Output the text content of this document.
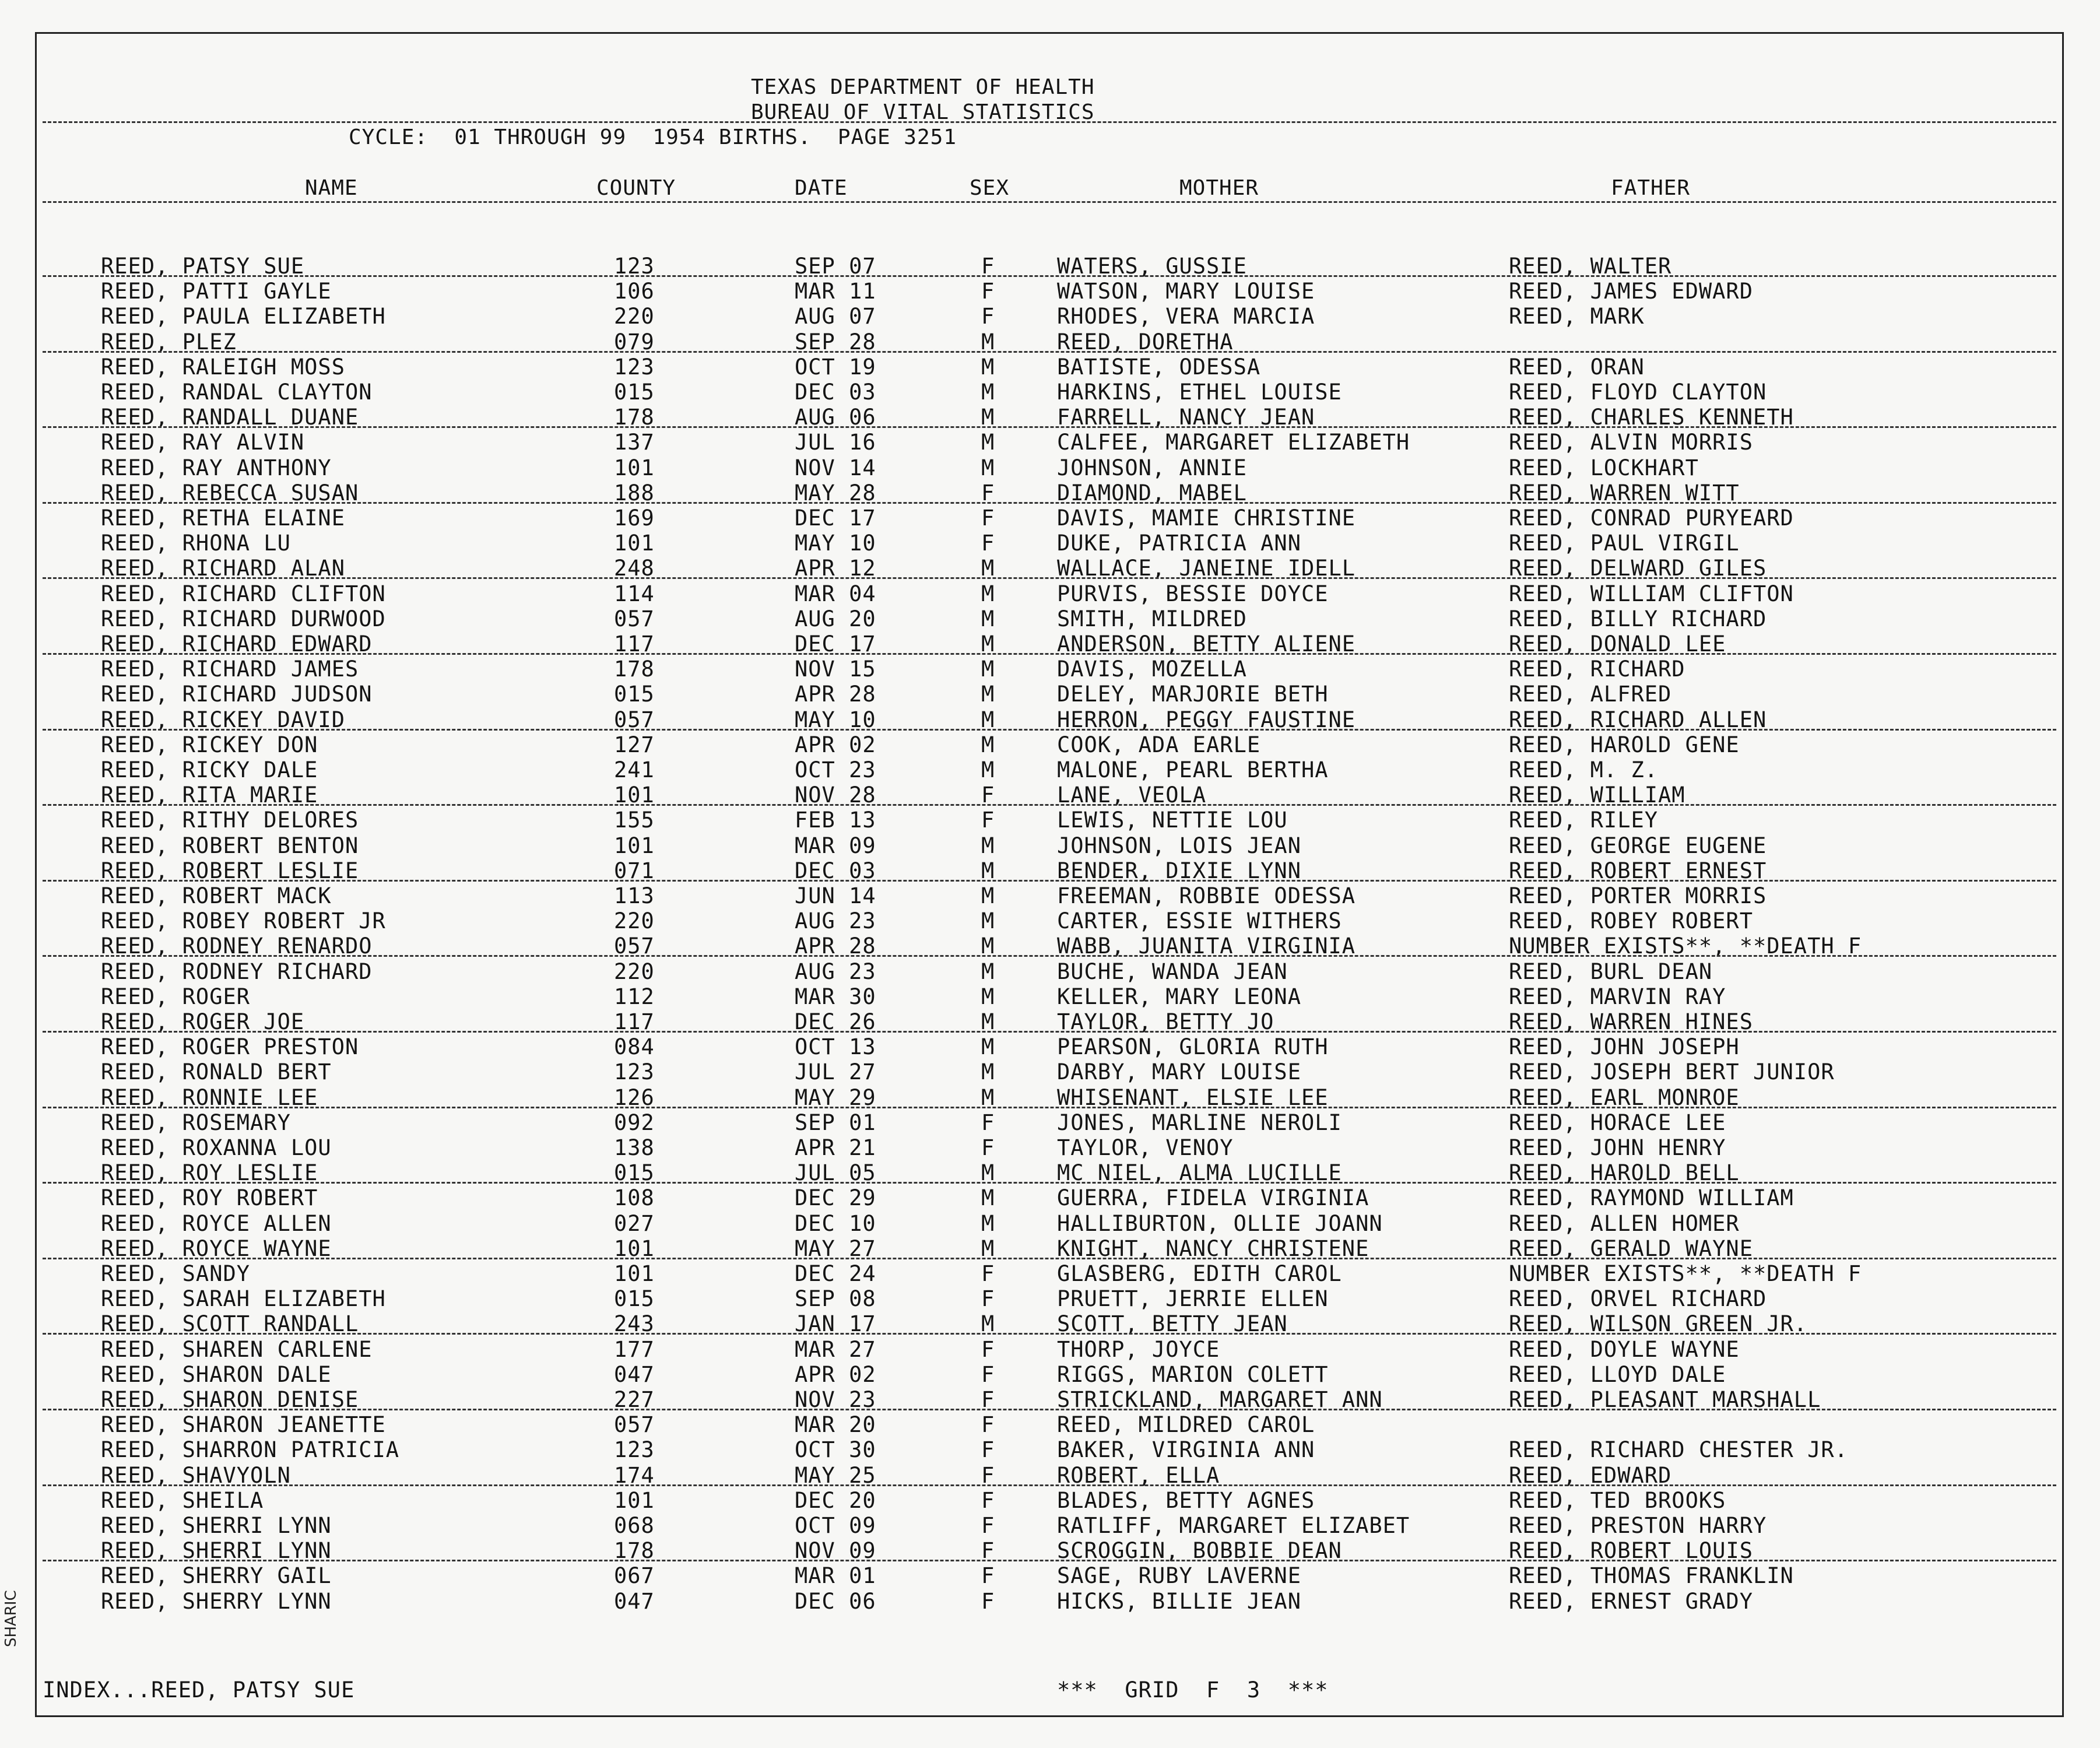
TEXAS DEPARTMENT OF HEALTH
BUREAU OF VITAL STATISTICS
CYCLE:  01 THROUGH 99  1954 BIRTHS.  PAGE 3251
NAME	COUNTY	DATE	SEX	MOTHER	FATHER
REED, PATSY SUE	123	SEP 07	F	WATERS, GUSSIE	REED, WALTER
REED, PATTI GAYLE	106	MAR 11	F	WATSON, MARY LOUISE	REED, JAMES EDWARD
REED, PAULA ELIZABETH	220	AUG 07	F	RHODES, VERA MARCIA	REED, MARK
REED, PLEZ	079	SEP 28	M	REED, DORETHA
REED, RALEIGH MOSS	123	OCT 19	M	BATISTE, ODESSA	REED, ORAN
REED, RANDAL CLAYTON	015	DEC 03	M	HARKINS, ETHEL LOUISE	REED, FLOYD CLAYTON
REED, RANDALL DUANE	178	AUG 06	M	FARRELL, NANCY JEAN	REED, CHARLES KENNETH
REED, RAY ALVIN	137	JUL 16	M	CALFEE, MARGARET ELIZABETH	REED, ALVIN MORRIS
REED, RAY ANTHONY	101	NOV 14	M	JOHNSON, ANNIE	REED, LOCKHART
REED, REBECCA SUSAN	188	MAY 28	F	DIAMOND, MABEL	REED, WARREN WITT
REED, RETHA ELAINE	169	DEC 17	F	DAVIS, MAMIE CHRISTINE	REED, CONRAD PURYEARD
REED, RHONA LU	101	MAY 10	F	DUKE, PATRICIA ANN	REED, PAUL VIRGIL
REED, RICHARD ALAN	248	APR 12	M	WALLACE, JANEINE IDELL	REED, DELWARD GILES
REED, RICHARD CLIFTON	114	MAR 04	M	PURVIS, BESSIE DOYCE	REED, WILLIAM CLIFTON
REED, RICHARD DURWOOD	057	AUG 20	M	SMITH, MILDRED	REED, BILLY RICHARD
REED, RICHARD EDWARD	117	DEC 17	M	ANDERSON, BETTY ALIENE	REED, DONALD LEE
REED, RICHARD JAMES	178	NOV 15	M	DAVIS, MOZELLA	REED, RICHARD
REED, RICHARD JUDSON	015	APR 28	M	DELEY, MARJORIE BETH	REED, ALFRED
REED, RICKEY DAVID	057	MAY 10	M	HERRON, PEGGY FAUSTINE	REED, RICHARD ALLEN
REED, RICKEY DON	127	APR 02	M	COOK, ADA EARLE	REED, HAROLD GENE
REED, RICKY DALE	241	OCT 23	M	MALONE, PEARL BERTHA	REED, M. Z.
REED, RITA MARIE	101	NOV 28	F	LANE, VEOLA	REED, WILLIAM
REED, RITHY DELORES	155	FEB 13	F	LEWIS, NETTIE LOU	REED, RILEY
REED, ROBERT BENTON	101	MAR 09	M	JOHNSON, LOIS JEAN	REED, GEORGE EUGENE
REED, ROBERT LESLIE	071	DEC 03	M	BENDER, DIXIE LYNN	REED, ROBERT ERNEST
REED, ROBERT MACK	113	JUN 14	M	FREEMAN, ROBBIE ODESSA	REED, PORTER MORRIS
REED, ROBEY ROBERT JR	220	AUG 23	M	CARTER, ESSIE WITHERS	REED, ROBEY ROBERT
REED, RODNEY RENARDO	057	APR 28	M	WABB, JUANITA VIRGINIA	NUMBER EXISTS**, **DEATH F
REED, RODNEY RICHARD	220	AUG 23	M	BUCHE, WANDA JEAN	REED, BURL DEAN
REED, ROGER	112	MAR 30	M	KELLER, MARY LEONA	REED, MARVIN RAY
REED, ROGER JOE	117	DEC 26	M	TAYLOR, BETTY JO	REED, WARREN HINES
REED, ROGER PRESTON	084	OCT 13	M	PEARSON, GLORIA RUTH	REED, JOHN JOSEPH
REED, RONALD BERT	123	JUL 27	M	DARBY, MARY LOUISE	REED, JOSEPH BERT JUNIOR
REED, RONNIE LEE	126	MAY 29	M	WHISENANT, ELSIE LEE	REED, EARL MONROE
REED, ROSEMARY	092	SEP 01	F	JONES, MARLINE NEROLI	REED, HORACE LEE
REED, ROXANNA LOU	138	APR 21	F	TAYLOR, VENOY	REED, JOHN HENRY
REED, ROY LESLIE	015	JUL 05	M	MC NIEL, ALMA LUCILLE	REED, HAROLD BELL
REED, ROY ROBERT	108	DEC 29	M	GUERRA, FIDELA VIRGINIA	REED, RAYMOND WILLIAM
REED, ROYCE ALLEN	027	DEC 10	M	HALLIBURTON, OLLIE JOANN	REED, ALLEN HOMER
REED, ROYCE WAYNE	101	MAY 27	M	KNIGHT, NANCY CHRISTENE	REED, GERALD WAYNE
REED, SANDY	101	DEC 24	F	GLASBERG, EDITH CAROL	NUMBER EXISTS**, **DEATH F
REED, SARAH ELIZABETH	015	SEP 08	F	PRUETT, JERRIE ELLEN	REED, ORVEL RICHARD
REED, SCOTT RANDALL	243	JAN 17	M	SCOTT, BETTY JEAN	REED, WILSON GREEN JR.
REED, SHAREN CARLENE	177	MAR 27	F	THORP, JOYCE	REED, DOYLE WAYNE
REED, SHARON DALE	047	APR 02	F	RIGGS, MARION COLETT	REED, LLOYD DALE
REED, SHARON DENISE	227	NOV 23	F	STRICKLAND, MARGARET ANN	REED, PLEASANT MARSHALL
REED, SHARON JEANETTE	057	MAR 20	F	REED, MILDRED CAROL
REED, SHARRON PATRICIA	123	OCT 30	F	BAKER, VIRGINIA ANN	REED, RICHARD CHESTER JR.
REED, SHAVYOLN	174	MAY 25	F	ROBERT, ELLA	REED, EDWARD
REED, SHEILA	101	DEC 20	F	BLADES, BETTY AGNES	REED, TED BROOKS
REED, SHERRI LYNN	068	OCT 09	F	RATLIFF, MARGARET ELIZABET	REED, PRESTON HARRY
REED, SHERRI LYNN	178	NOV 09	F	SCROGGIN, BOBBIE DEAN	REED, ROBERT LOUIS
REED, SHERRY GAIL	067	MAR 01	F	SAGE, RUBY LAVERNE	REED, THOMAS FRANKLIN
REED, SHERRY LYNN	047	DEC 06	F	HICKS, BILLIE JEAN	REED, ERNEST GRADY
INDEX...REED, PATSY SUE	***  GRID  F  3  ***
SHARIC
